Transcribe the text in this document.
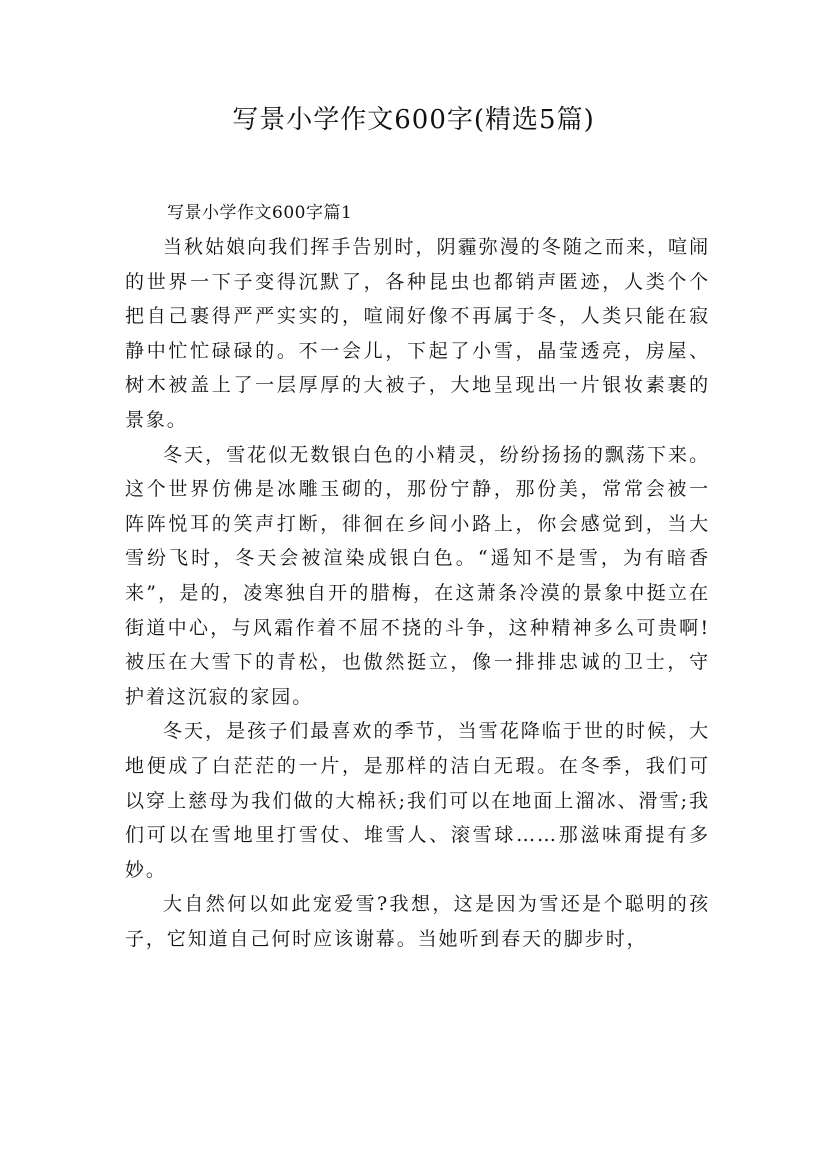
写景小学作文600字(精选5篇)
写景小学作文600字篇1

当秋姑娘向我们挥手告别时，阴霾弥漫的冬随之而来，喧闹的世界一下子变得沉默了，各种昆虫也都销声匿迹，人类个个把自己裹得严严实实的，喧闹好像不再属于冬，人类只能在寂静中忙忙碌碌的。不一会儿，下起了小雪，晶莹透亮，房屋、树木被盖上了一层厚厚的大被子，大地呈现出一片银妆素裹的景象。

冬天，雪花似无数银白色的小精灵，纷纷扬扬的飘荡下来。这个世界仿佛是冰雕玉砌的，那份宁静，那份美，常常会被一阵阵悦耳的笑声打断，徘徊在乡间小路上，你会感觉到，当大雪纷飞时，冬天会被渲染成银白色。“遥知不是雪，为有暗香来”，是的，凌寒独自开的腊梅，在这萧条冷漠的景象中挺立在街道中心，与风霜作着不屈不挠的斗争，这种精神多么可贵啊!被压在大雪下的青松，也傲然挺立，像一排排忠诚的卫士，守护着这沉寂的家园。

冬天，是孩子们最喜欢的季节，当雪花降临于世的时候，大地便成了白茫茫的一片，是那样的洁白无瑕。在冬季，我们可以穿上慈母为我们做的大棉袄;我们可以在地面上溜冰、滑雪;我们可以在雪地里打雪仗、堆雪人、滚雪球……那滋味甭提有多妙。

大自然何以如此宠爱雪?我想，这是因为雪还是个聪明的孩子，它知道自己何时应该谢幕。当她听到春天的脚步时，
